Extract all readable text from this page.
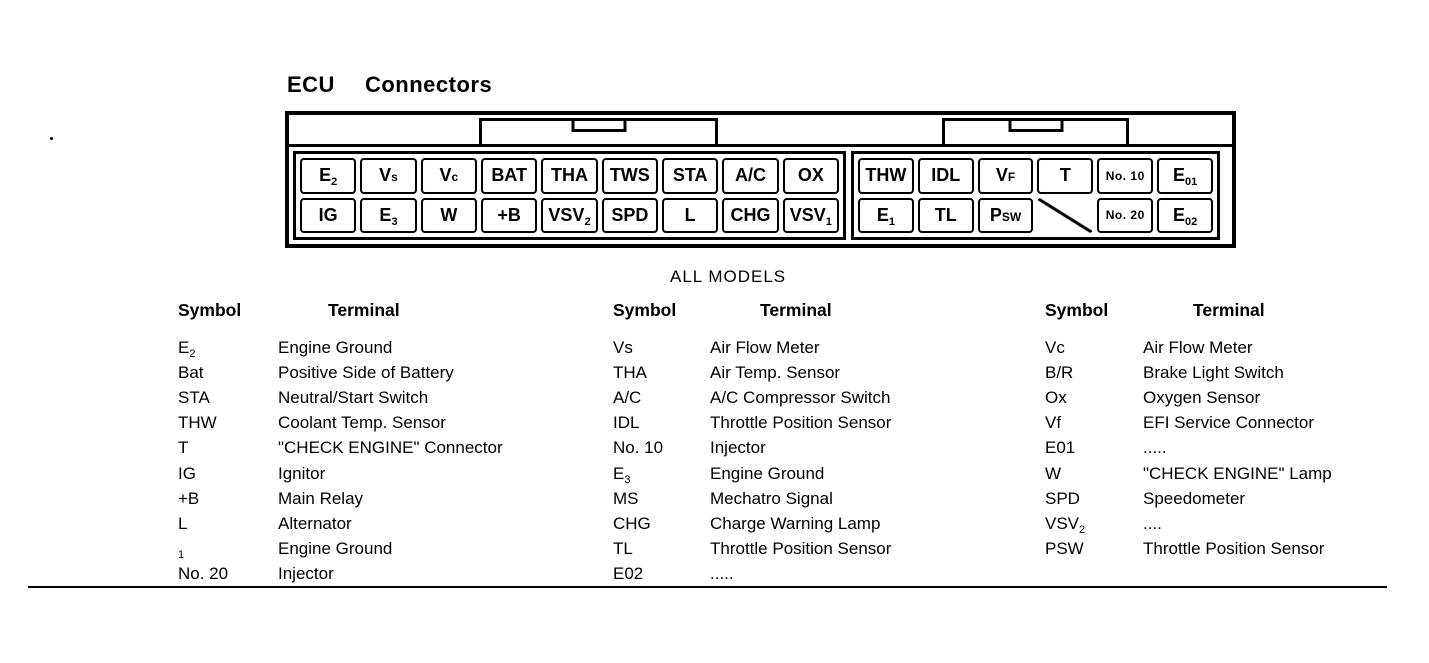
ECU Connectors
$E_2$ Vs Vc BAT THA TWS STA A/C OX
IG $E_3$ W +B $VSV_2$ SPD L CHG $VSV_1$
THW IDL VF T	No. 10 $E_{01}$
$E_1$ TL PSW	No. 20 $E_{02}$
ALL MODELS
Symbol	Terminal
$E_2$	Engine Ground
Bat	Positive Side of Battery
STA	Neutral/Start Switch
THW	Coolant Temp. Sensor
T	"CHECK ENGINE" Connector
IG	Ignitor
+B	Main Relay
L	Alternator
$_1$	Engine Ground
No. 20	Injector
Symbol	Terminal
Vs	Air Flow Meter
THA	Air Temp. Sensor
A/C	A/C Compressor Switch
IDL	Throttle Position Sensor
No. 10	Injector
$E_3$	Engine Ground
MS	Mechatro Signal
CHG	Charge Warning Lamp
TL	Throttle Position Sensor
E02	.....
Symbol	Terminal
Vc	Air Flow Meter
B/R	Brake Light Switch
Ox	Oxygen Sensor
Vf	EFI Service Connector
E01	.....
W	"CHECK ENGINE" Lamp
SPD	Speedometer
$VSV_2$	....
PSW	Throttle Position Sensor
